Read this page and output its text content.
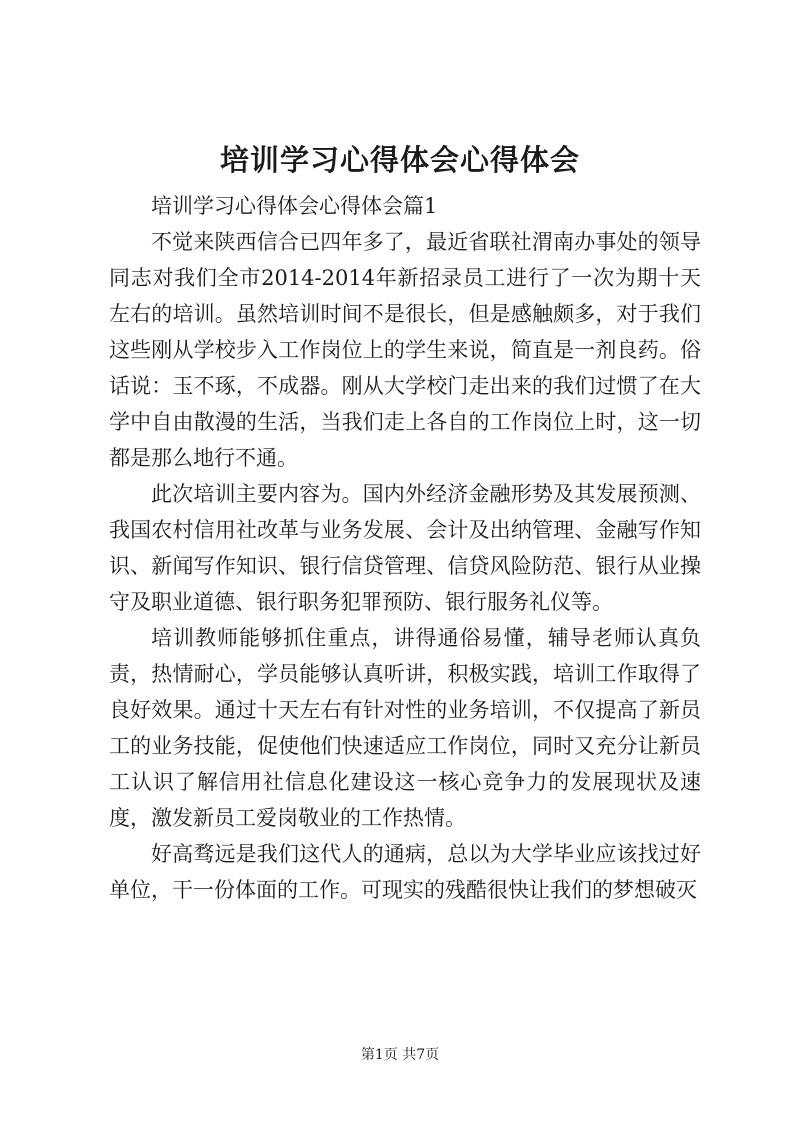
培训学习心得体会心得体会

培训学习心得体会心得体会篇1

不觉来陕西信合已四年多了，最近省联社渭南办事处的领导同志对我们全市2014-2014年新招录员工进行了一次为期十天左右的培训。虽然培训时间不是很长，但是感触颇多，对于我们这些刚从学校步入工作岗位上的学生来说，简直是一剂良药。俗话说：玉不琢，不成器。刚从大学校门走出来的我们过惯了在大学中自由散漫的生活，当我们走上各自的工作岗位上时，这一切都是那么地行不通。

此次培训主要内容为。国内外经济金融形势及其发展预测、我国农村信用社改革与业务发展、会计及出纳管理、金融写作知识、新闻写作知识、银行信贷管理、信贷风险防范、银行从业操守及职业道德、银行职务犯罪预防、银行服务礼仪等。

培训教师能够抓住重点，讲得通俗易懂，辅导老师认真负责，热情耐心，学员能够认真听讲，积极实践，培训工作取得了良好效果。通过十天左右有针对性的业务培训，不仅提高了新员工的业务技能，促使他们快速适应工作岗位，同时又充分让新员工认识了解信用社信息化建设这一核心竞争力的发展现状及速度，激发新员工爱岗敬业的工作热情。

好高骛远是我们这代人的通病，总以为大学毕业应该找过好单位，干一份体面的工作。可现实的残酷很快让我们的梦想破灭

第1页 共7页
